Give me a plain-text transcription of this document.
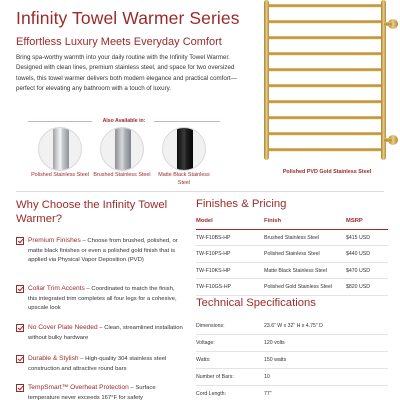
Infinity Towel Warmer Series
Effortless Luxury Meets Everyday Comfort
Bring spa-worthy warmth into your daily routine with the Infinity Towel Warmer. Designed with clean lines, premium stainless steel, and space for two oversized towels, this towel warmer delivers both modern elegance and practical comfort—perfect for elevating any bathroom with a touch of luxury.
Also Available in:
Polished Stainless Steel Brushed Stainless Steel	Matte Black Stainless Steel
Polished PVD Gold Stainless Steel
Why Choose the Infinity Towel Warmer?
Premium Finishes – Choose from brushed, polished, or matte black finishes or even a polished gold finish that is applied via Physical Vapor Deposition (PVD)
Collar Trim Accents – Coordinated to match the finish, this integrated trim completes all four legs for a cohesive, upscale look
No Cover Plate Needed – Clean, streamlined installation without bulky hardware
Durable & Stylish – High-quality 304 stainless steel construction and attractive round bars
TempSmart™ Overheat Protection – Surface temperature never exceeds 167°F for safety
Finishes & Pricing
Model	Finish	MSRP
TW-F10BS-HP	Brushed Stainless Steel	$415 USD
TW-F10PS-HP	Polished Stainless Steel	$440 USD
TW-F10KS-HP	Matte Black Stainless Steel	$470 USD
TW-F10GS-HP	Polished Gold Stainless Steel	$820 USD
Technical Specifications
Dimensions:	23.6” W x 32” H x 4.75” D
Voltage:	120 volts
Watts:	150 watts
Number of Bars:	10
Cord Length:	77”
